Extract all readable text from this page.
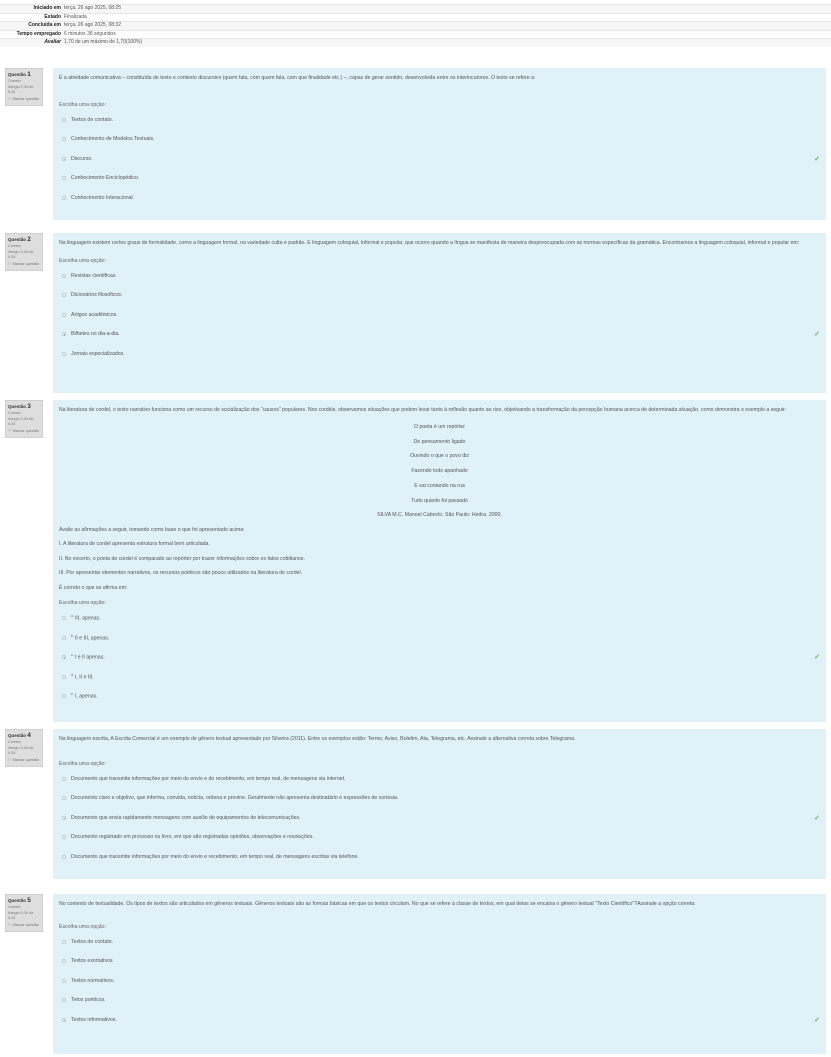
Iniciado em terça, 26 ago 2025, 08:25
Estado Finalizada
Concluída em terça, 26 ago 2025, 08:32
Tempo empregado 6 minutos 38 segundos
Avaliar 1,70 de um máximo de 1,70(100%)
Questão 1
Correto
Atingiu 0,34 de 0,34
⚐ Marcar questão
É a atividade comunicativa – constituída de texto e contexto discursivo (quem fala, com quem fala, com que finalidade etc.) –, capaz de gerar sentido, desenvolvida entre os interlocutores. O texto se refere a:
Escolha uma opção:
Textos de contato.
Conhecimento de Modelos Textuais.
Discurso.	✓
Conhecimento Enciclopédico.
Conhecimento Interacional.
Questão 2
Correto
Atingiu 0,34 de 0,34
⚐ Marcar questão
Na linguagem existem certos graus de formalidade, como a linguagem formal, na variedade culta e padrão. E linguagem coloquial, informal e popular, que ocorre quando a língua se manifesta de maneira despreocupada com as normas específicas da gramática. Encontramos a linguagem coloquial, informal e popular em:
Escolha uma opção:
Revistas científicas.
Dicionários filosóficos.
Artigos acadêmicos.
Bilhetes no dia-a-dia.	✓
Jornais especializados.
Questão 3
Correto
Atingiu 0,34 de 0,34
⚐ Marcar questão
Na literatura de cordel, o texto narrativo funciona como um recurso de socialização dos “causos” populares. Nos cordéis, observamos situações que podem levar tanto à reflexão quanto ao riso, objetivando a transformação da percepção humana acerca de determinada situação, como demonstra o exemplo a seguir:
O poeta é um repórter
De pensamento ligado
Ouvindo o que o povo diz
Fazendo todo apanhado
E sai contando na rua
Tudo quanto foi passado
SILVA M.C. Manoel Caboclo. São Paulo: Hedra. 2000.
Avalie as afirmações a seguir, tomando como base o que foi apresentado acima:
I. A literatura de cordel apresenta estrutura formal bem articulada.
II. No excerto, o poeta de cordel é comparado ao repórter por trazer informações sobre os fatos cotidianos.
III. Por apresentar elementos narrativos, os recursos poéticos são pouco utilizados na literatura de cordel.
É correto o que se afirma em:
Escolha uma opção:
$^{a.}$III, apenas.
$^{b.}$II e III, apenas.
$^{c.}$I e II apenas.	✓
$^{d.}$I, II e III.
$^{e.}$I, apenas.
Questão 4
Correto
Atingiu 0,34 de 0,34
⚐ Marcar questão
Na linguagem escrita, A Escrita Comercial é um exemplo de gênero textual apresentado por Silveira (2011). Entre os exemplos estão: Termo, Aviso, Boletim, Ata, Telegrama, etc. Assinale a alternativa correta sobre Telegrama.
Escolha uma opção:
Documento que transmite informações por meio do envio e do recebimento, em tempo real, de mensagens via internet.
Documento claro e objetivo, que informa, convida, notícia, ordena e previne. Geralmente não apresenta destinatário e expressões de cortesia.
Documento que envia rapidamente mensagens com auxílio de equipamentos de telecomunicações.	✓
Documento registrado em processo ou livro, em que são registradas opiniões, observações e resoluções.
Documento que transmite informações por meio do envio e recebimento, em tempo real, de mensagens escritas via telefone.
Questão 5
Correto
Atingiu 0,34 de 0,34
⚐ Marcar questão
No contexto de textualidade. Os tipos de textos são articulados em gêneros textuais. Gêneros textuais são as formas básicas em que os textos circulam. No que se refere à classe de textos, em qual delas se encaixa o gênero textual "Texto Científico"?Assinale a opção correta:
Escolha uma opção:
Textos de contato.
Textos exortativos.
Textos normativos.
Tetos poéticos.
Textos informativos.	✓
